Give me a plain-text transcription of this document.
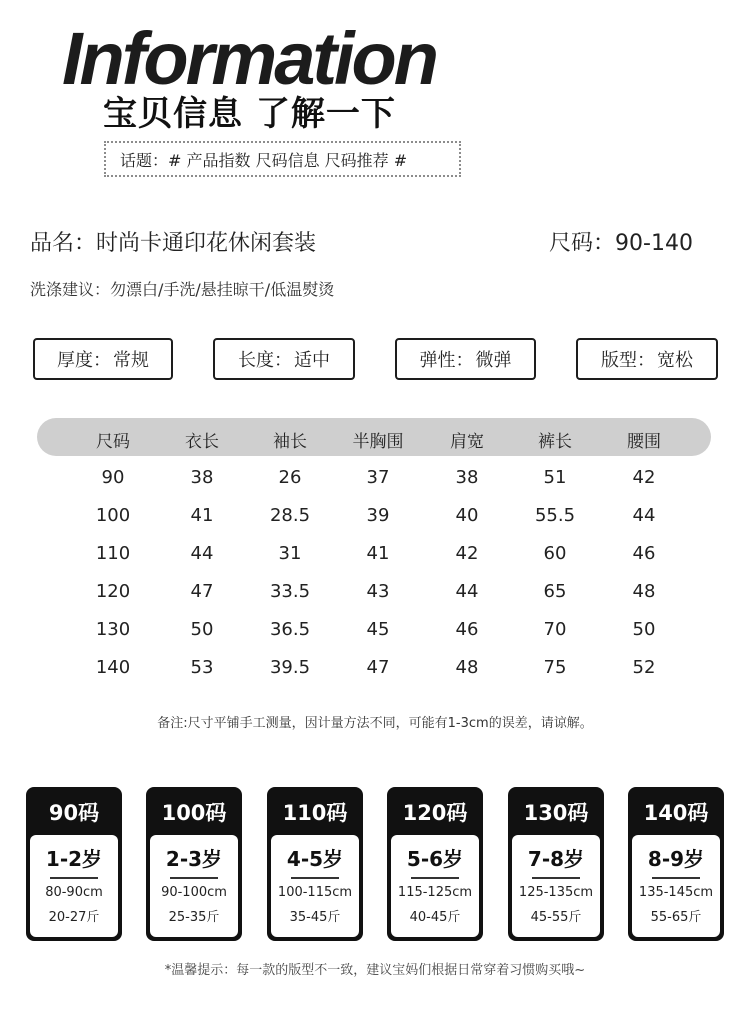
Information
宝贝信息 了解一下
话题： # 产品指数 尺码信息 尺码推荐 #
品名：时尚卡通印花休闲套装	尺码：90-140
洗涤建议：勿漂白/手洗/悬挂晾干/低温熨烫
厚度： 常规	长度： 适中	弹性： 微弹	版型： 宽松
尺码	衣长	袖长	半胸围	肩宽	裤长	腰围
90	38	26	37	38	51	42
100	41	28.5	39	40	55.5	44
110	44	31	41	42	60	46
120	47	33.5	43	44	65	48
130	50	36.5	45	46	70	50
140	53	39.5	47	48	75	52
备注:尺寸平铺手工测量，因计量方法不同，可能有1-3cm的误差，请谅解。
90码
1-2岁
80-90cm
20-27斤
100码
2-3岁
90-100cm
25-35斤
110码
4-5岁
100-115cm
35-45斤
120码
5-6岁
115-125cm
40-45斤
130码
7-8岁
125-135cm
45-55斤
140码
8-9岁
135-145cm
55-65斤
*温馨提示：每一款的版型不一致，建议宝妈们根据日常穿着习惯购买哦~
